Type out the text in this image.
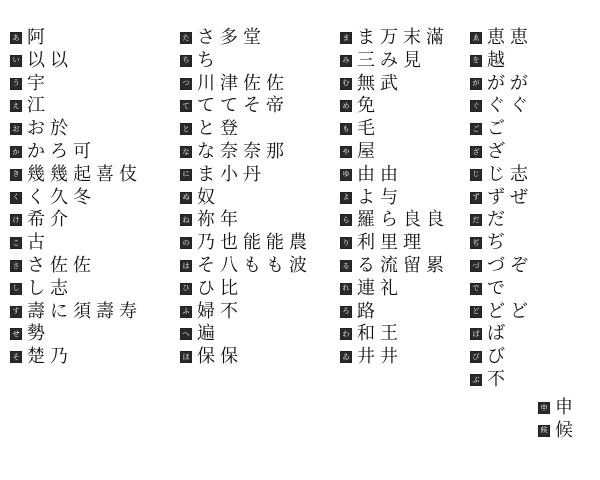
あ 阿
い 以 以
う 宇
え 江
お お 於
か か ろ 可
き 幾 幾 起 喜 伎
く く 久 冬
け 希 介
こ 古
さ さ 佐 佐
し し 志
す 壽 に 須 壽 寿
せ 勢
そ 楚 乃
た さ 多 堂
ち ち
つ 川 津 佐 佐
て て て そ 帝
と と 登
な な 奈 奈 那
に ま 小 丹
ぬ 奴
ね 祢 年
の 乃 也 能 能 農
は そ 八 も も 波
ひ ひ 比
ふ 婦 不
へ 遍
ほ 保 保
ま ま 万 末 滿
み 三 み 見
む 無 武
め 免
も 毛
や 屋
ゆ 由 由
よ よ 与
ら 羅 ら 良 良
り 利 里 理
る る 流 留 累
れ 連 礼
ろ 路
わ 和 王
ゐ 井 井
ゑ 恵 恵
を 越
が が が
ぐ ぐ ぐ
ご ご
ざ ざ
じ じ 志
ず ず ぜ
だ だ
ぢ ぢ
づ づ ぞ
で で
ど ど ど
ば ば
び び
ぶ 不
申 申
候 候
